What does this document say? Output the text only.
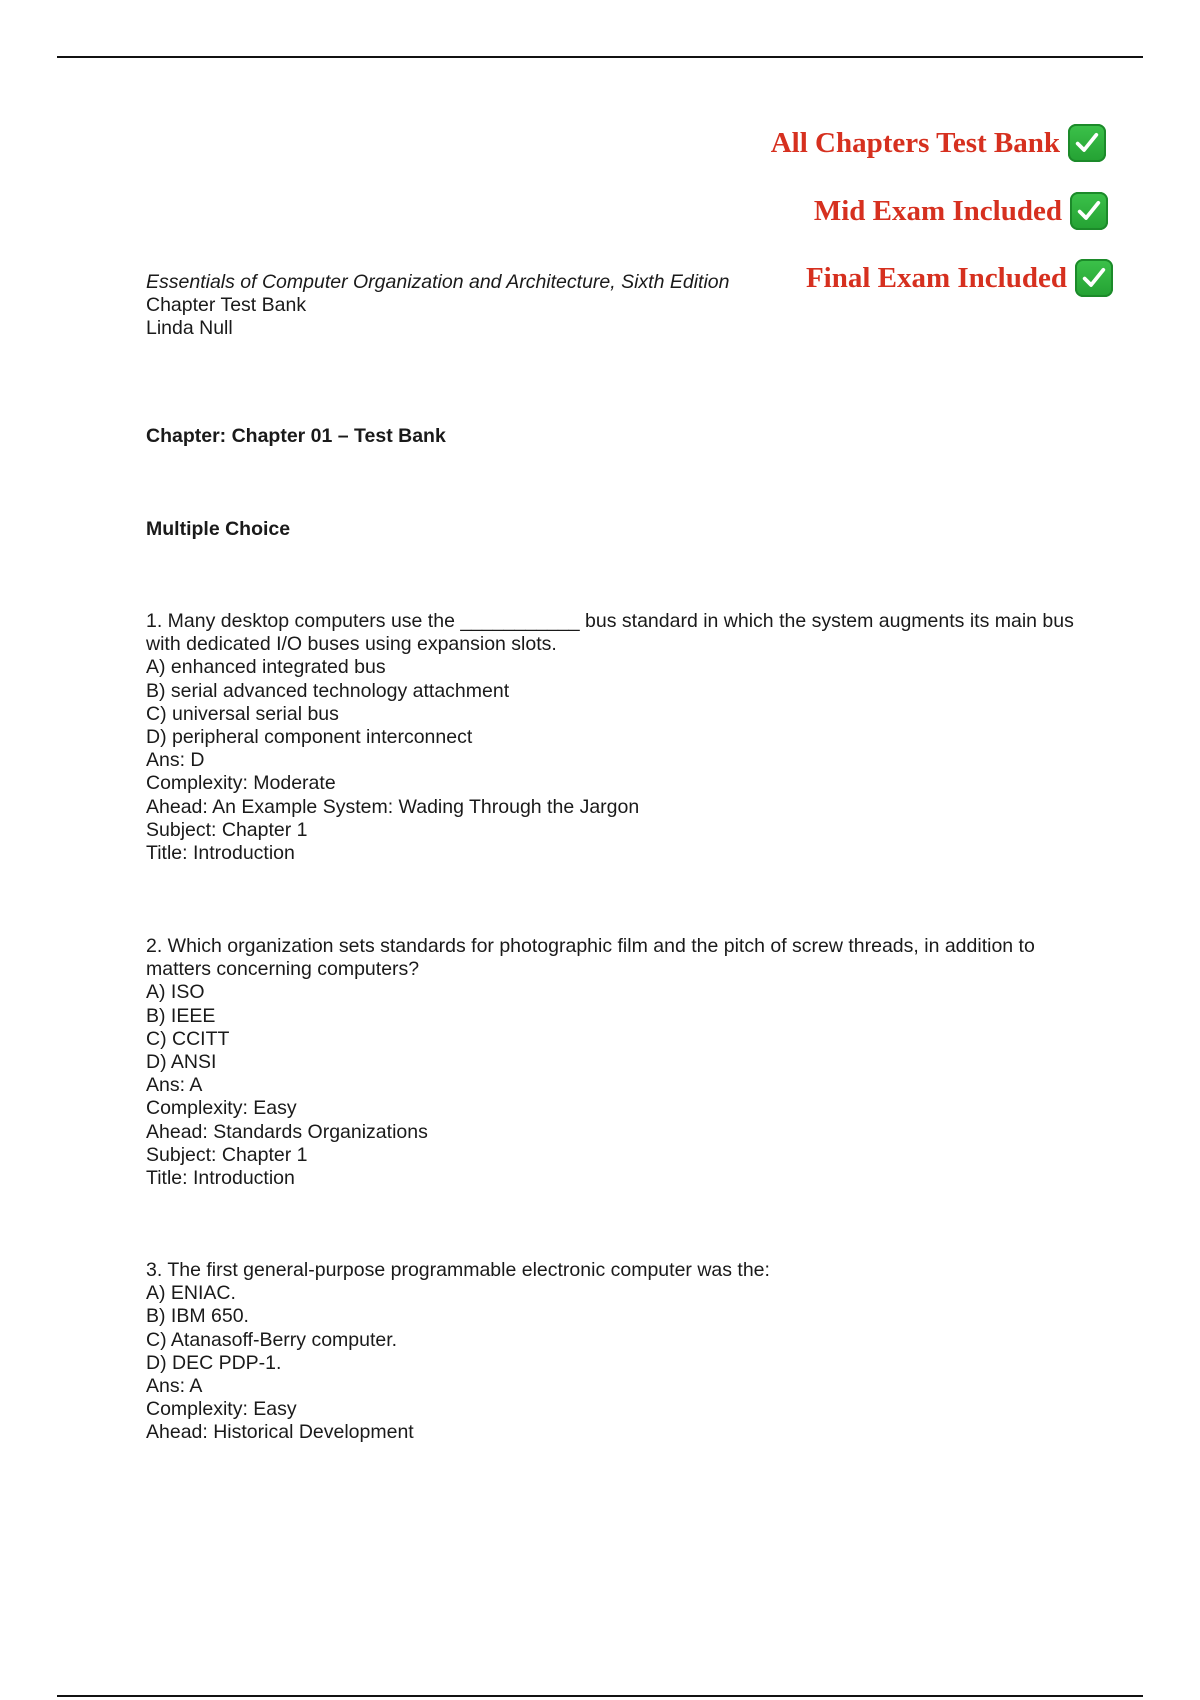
All Chapters Test Bank
Mid Exam Included
Final Exam Included
Essentials of Computer Organization and Architecture, Sixth Edition
Chapter Test Bank
Linda Null
Chapter: Chapter 01 – Test Bank
Multiple Choice
1. Many desktop computers use the ___________ bus standard in which the system augments its main bus with dedicated I/O buses using expansion slots.
A) enhanced integrated bus
B) serial advanced technology attachment
C) universal serial bus
D) peripheral component interconnect
Ans: D
Complexity: Moderate
Ahead: An Example System: Wading Through the Jargon
Subject: Chapter 1
Title: Introduction
2. Which organization sets standards for photographic film and the pitch of screw threads, in addition to matters concerning computers?
A) ISO
B) IEEE
C) CCITT
D) ANSI
Ans: A
Complexity: Easy
Ahead: Standards Organizations
Subject: Chapter 1
Title: Introduction
3. The first general-purpose programmable electronic computer was the:
A) ENIAC.
B) IBM 650.
C) Atanasoff-Berry computer.
D) DEC PDP-1.
Ans: A
Complexity: Easy
Ahead: Historical Development
